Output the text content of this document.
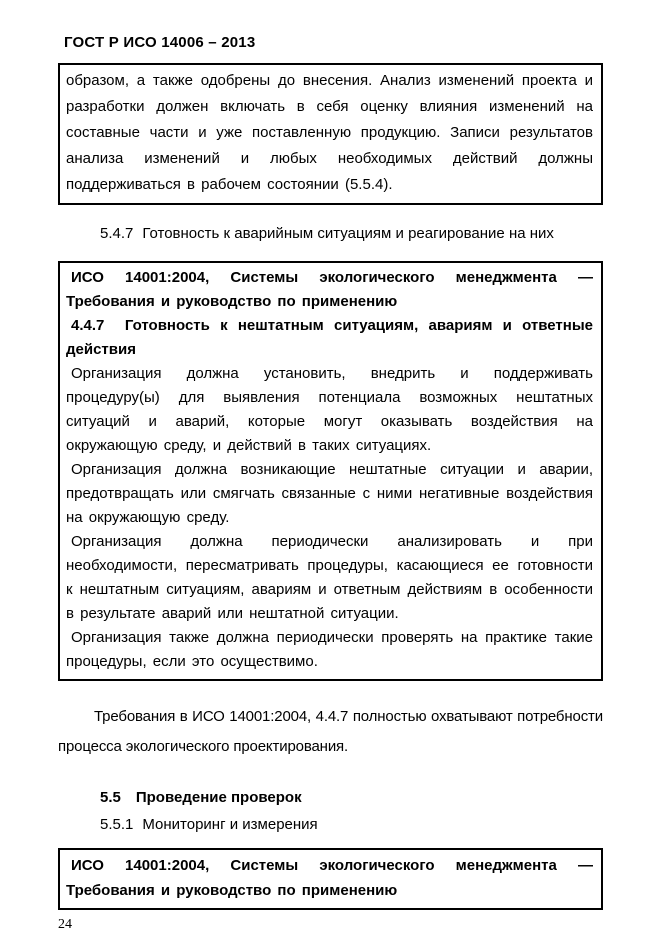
ГОСТ Р ИСО 14006 – 2013

образом, а также одобрены до внесения. Анализ изменений проекта и разработки должен включать в себя оценку влияния изменений на составные части и уже поставленную продукцию. Записи результатов анализа изменений и любых необходимых действий должны поддерживаться в рабочем состоянии (5.5.4).

5.4.7 Готовность к аварийным ситуациям и реагирование на них

ИСО 14001:2004, Системы экологического менеджмента — Требования и руководство по применению

4.4.7 Готовность к нештатным ситуациям, авариям и ответные действия

Организация должна установить, внедрить и поддерживать процедуру(ы) для выявления потенциала возможных нештатных ситуаций и аварий, которые могут оказывать воздействия на окружающую среду, и действий в таких ситуациях.

Организация должна возникающие нештатные ситуации и аварии, предотвращать или смягчать связанные с ними негативные воздействия на окружающую среду.

Организация должна периодически анализировать и при необходимости, пересматривать процедуры, касающиеся ее готовности к нештатным ситуациям, авариям и ответным действиям в особенности в результате аварий или нештатной ситуации.

Организация также должна периодически проверять на практике такие процедуры, если это осуществимо.

Требования в ИСО 14001:2004, 4.4.7 полностью охватывают потребности процесса экологического проектирования.

5.5 Проведение проверок
5.5.1 Мониторинг и измерения

ИСО 14001:2004, Системы экологического менеджмента — Требования и руководство по применению

24
